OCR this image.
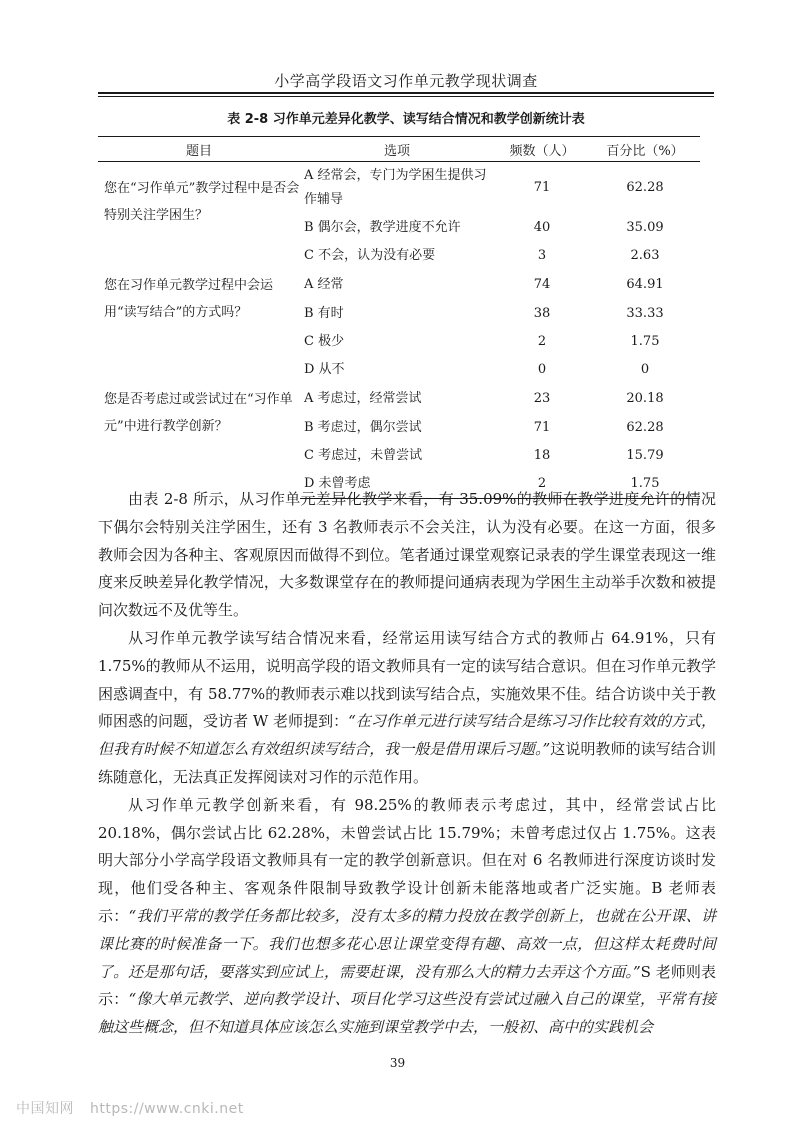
小学高学段语文习作单元教学现状调查
表 2-8 习作单元差异化教学、读写结合情况和教学创新统计表
题目	选项	频数（人）	百分比（%）
您在“习作单元”教学过程中是否会特别关注学困生？	A 经常会，专门为学困生提供习作辅导	71	62.28
	B 偶尔会，教学进度不允许	40	35.09
	C 不会，认为没有必要	3	2.63
您在习作单元教学过程中会运用“读写结合”的方式吗？	A 经常	74	64.91
	B 有时	38	33.33
	C 极少	2	1.75
	D 从不	0	0
您是否考虑过或尝试过在“习作单元”中进行教学创新？	A 考虑过，经常尝试	23	20.18
	B 考虑过，偶尔尝试	71	62.28
	C 考虑过，未曾尝试	18	15.79
	D 未曾考虑	2	1.75

由表 2-8 所示，从习作单元差异化教学来看，有 35.09%的教师在教学进度允许的情况下偶尔会特别关注学困生，还有 3 名教师表示不会关注，认为没有必要。在这一方面，很多教师会因为各种主、客观原因而做得不到位。笔者通过课堂观察记录表的学生课堂表现这一维度来反映差异化教学情况，大多数课堂存在的教师提问通病表现为学困生主动举手次数和被提问次数远不及优等生。

从习作单元教学读写结合情况来看，经常运用读写结合方式的教师占 64.91%，只有 1.75%的教师从不运用，说明高学段的语文教师具有一定的读写结合意识。但在习作单元教学困惑调查中，有 58.77%的教师表示难以找到读写结合点，实施效果不佳。结合访谈中关于教师困惑的问题，受访者 W 老师提到：“在习作单元进行读写结合是练习习作比较有效的方式，但我有时候不知道怎么有效组织读写结合，我一般是借用课后习题。”这说明教师的读写结合训练随意化，无法真正发挥阅读对习作的示范作用。

从习作单元教学创新来看，有 98.25%的教师表示考虑过，其中，经常尝试占比 20.18%，偶尔尝试占比 62.28%，未曾尝试占比 15.79%；未曾考虑过仅占 1.75%。这表明大部分小学高学段语文教师具有一定的教学创新意识。但在对 6 名教师进行深度访谈时发现，他们受各种主、客观条件限制导致教学设计创新未能落地或者广泛实施。B 老师表示：“我们平常的教学任务都比较多，没有太多的精力投放在教学创新上，也就在公开课、讲课比赛的时候准备一下。我们也想多花心思让课堂变得有趣、高效一点，但这样太耗费时间了。还是那句话，要落实到应试上，需要赶课，没有那么大的精力去弄这个方面。”S 老师则表示：“像大单元教学、逆向教学设计、项目化学习这些没有尝试过融入自己的课堂，平常有接触这些概念，但不知道具体应该怎么实施到课堂教学中去，一般初、高中的实践机会

39
中国知网 https://www.cnki.net
